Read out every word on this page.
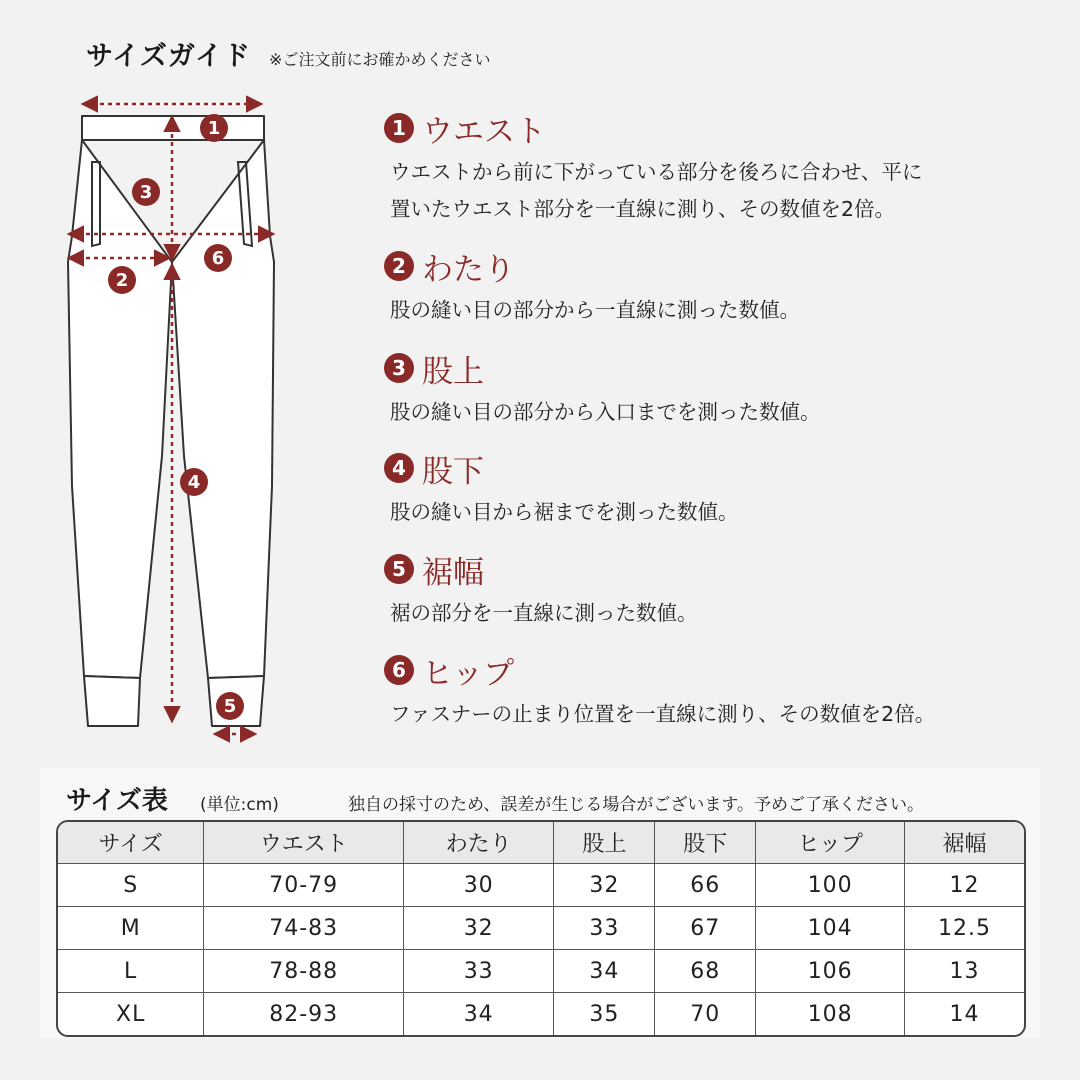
サイズガイド ※ご注文前にお確かめください
1
3
6
2
4
5
1 ウエスト
ウエストから前に下がっている部分を後ろに合わせ、平に
置いたウエスト部分を一直線に測り、その数値を2倍。
2 わたり
股の縫い目の部分から一直線に測った数値。
3 股上
股の縫い目の部分から入口までを測った数値。
4 股下
股の縫い目から裾までを測った数値。
5 裾幅
裾の部分を一直線に測った数値。
6 ヒップ
ファスナーの止まり位置を一直線に測り、その数値を2倍。
サイズ表 (単位:cm)	独自の採寸のため、誤差が生じる場合がございます。予めご了承ください。
サイズ	ウエスト	わたり	股上	股下	ヒップ	裾幅
S	70-79	30	32	66	100	12
M	74-83	32	33	67	104	12.5
L	78-88	33	34	68	106	13
XL	82-93	34	35	70	108	14
